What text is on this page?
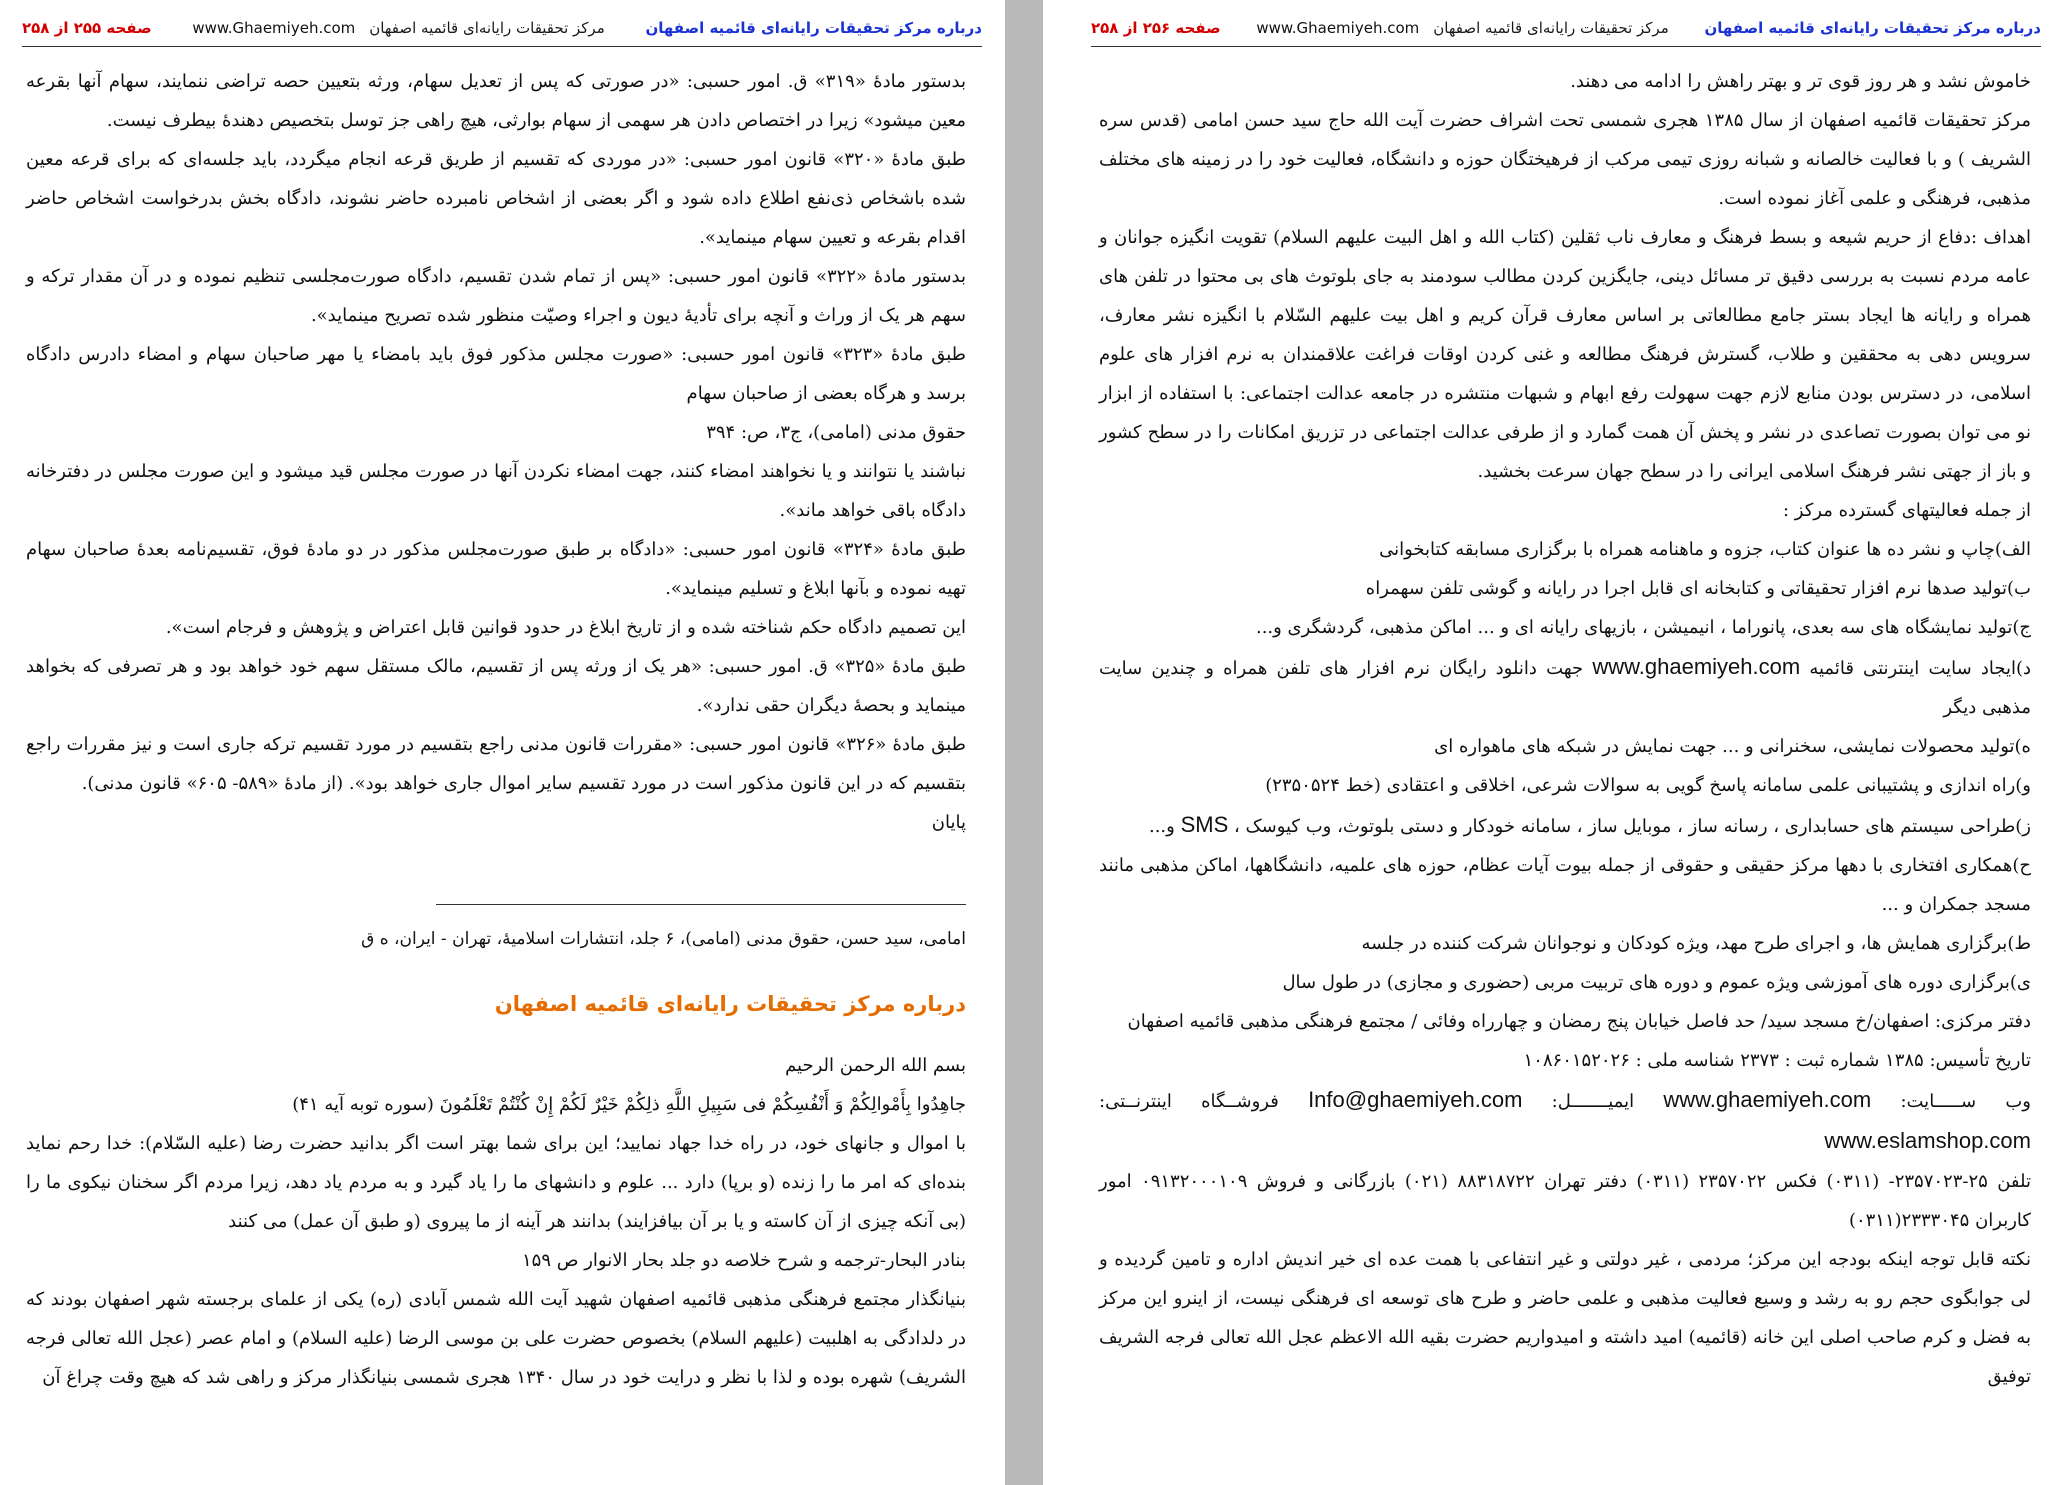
درباره مرکز تحقیقات رایانه‌ای قائمیه اصفهان
مرکز تحقیقات رایانه‌ای قائمیه اصفهان
www.Ghaemiyeh.com
صفحه ۲۵۵ از ۲۵۸

بدستور مادهٔ «۳۱۹» ق. امور حسبی: «در صورتی که پس از تعدیل سهام، ورثه بتعیین حصه تراضی ننمایند، سهام آنها بقرعه معین میشود» زیرا در اختصاص دادن هر سهمی از سهام بوارثی، هیچ راهی جز توسل بتخصیص دهندهٔ بیطرف نیست.

طبق مادهٔ «۳۲۰» قانون امور حسبی: «در موردی که تقسیم از طریق قرعه انجام میگردد، باید جلسه‌ای که برای قرعه معین شده باشخاص ذی‌نفع اطلاع داده شود و اگر بعضی از اشخاص نامبرده حاضر نشوند، دادگاه بخش بدرخواست اشخاص حاضر اقدام بقرعه و تعیین سهام مینماید».

بدستور مادهٔ «۳۲۲» قانون امور حسبی: «پس از تمام شدن تقسیم، دادگاه صورت‌مجلسی تنظیم نموده و در آن مقدار ترکه و سهم هر یک از وراث و آنچه برای تأدیهٔ دیون و اجراء وصیّت منظور شده تصریح مینماید».

طبق مادهٔ «۳۲۳» قانون امور حسبی: «صورت مجلس مذکور فوق باید بامضاء یا مهر صاحبان سهام و امضاء دادرس دادگاه برسد و هرگاه بعضی از صاحبان سهام

حقوق مدنی (امامی)، ج۳، ص: ۳۹۴

نباشند یا نتوانند و یا نخواهند امضاء کنند، جهت امضاء نکردن آنها در صورت مجلس قید میشود و این صورت مجلس در دفترخانه دادگاه باقی خواهد ماند».

طبق مادهٔ «۳۲۴» قانون امور حسبی: «دادگاه بر طبق صورت‌مجلس مذکور در دو مادهٔ فوق، تقسیم‌نامه بعدهٔ صاحبان سهام تهیه نموده و بآنها ابلاغ و تسلیم مینماید».

این تصمیم دادگاه حکم شناخته شده و از تاریخ ابلاغ در حدود قوانین قابل اعتراض و پژوهش و فرجام است».

طبق مادهٔ «۳۲۵» ق. امور حسبی: «هر یک از ورثه پس از تقسیم، مالک مستقل سهم خود خواهد بود و هر تصرفی که بخواهد مینماید و بحصهٔ دیگران حقی ندارد».

طبق مادهٔ «۳۲۶» قانون امور حسبی: «مقررات قانون مدنی راجع بتقسیم در مورد تقسیم ترکه جاری است و نیز مقررات راجع بتقسیم که در این قانون مذکور است در مورد تقسیم سایر اموال جاری خواهد بود». (از مادهٔ «۵۸۹- ۶۰۵» قانون مدنی).

پایان

امامی، سید حسن، حقوق مدنی (امامی)، ۶ جلد، انتشارات اسلامیهٔ، تهران - ایران، ه ق
درباره مرکز تحقیقات رایانه‌ای قائمیه اصفهان

بسم الله الرحمن الرحیم

جاهِدُوا بِأَمْوالِکُمْ وَ أَنْفُسِکُمْ فی سَبِیلِ اللَّهِ ذلِکُمْ خَیْرٌ لَکُمْ إِنْ کُنْتُمْ تَعْلَمُونَ (سوره توبه آیه ۴۱)

با اموال و جانهای خود، در راه خدا جهاد نمایید؛ این برای شما بهتر است اگر بدانید حضرت رضا (علیه السّلام): خدا رحم نماید بنده‌ای که امر ما را زنده (و برپا) دارد ... علوم و دانشهای ما را یاد گیرد و به مردم یاد دهد، زیرا مردم اگر سخنان نیکوی ما را (بی آنکه چیزی از آن کاسته و یا بر آن بیافزایند) بدانند هر آینه از ما پیروی (و طبق آن عمل) می کنند

بنادر البحار-ترجمه و شرح خلاصه دو جلد بحار الانوار ص ۱۵۹

بنیانگذار مجتمع فرهنگی مذهبی قائمیه اصفهان شهید آیت الله شمس آبادی (ره) یکی از علمای برجسته شهر اصفهان بودند که در دلدادگی به اهلبیت (علیهم السلام) بخصوص حضرت علی بن موسی الرضا (علیه السلام) و امام عصر (عجل الله تعالی فرجه الشریف) شهره بوده و لذا با نظر و درایت خود در سال ۱۳۴۰ هجری شمسی بنیانگذار مرکز و راهی شد که هیچ وقت چراغ آن

درباره مرکز تحقیقات رایانه‌ای قائمیه اصفهان
مرکز تحقیقات رایانه‌ای قائمیه اصفهان
www.Ghaemiyeh.com
صفحه ۲۵۶ از ۲۵۸

خاموش نشد و هر روز قوی تر و بهتر راهش را ادامه می دهند.

مرکز تحقیقات قائمیه اصفهان از سال ۱۳۸۵ هجری شمسی تحت اشراف حضرت آیت الله حاج سید حسن امامی (قدس سره الشریف ) و با فعالیت خالصانه و شبانه روزی تیمی مرکب از فرهیختگان حوزه و دانشگاه، فعالیت خود را در زمینه های مختلف مذهبی، فرهنگی و علمی آغاز نموده است.

اهداف :دفاع از حریم شیعه و بسط فرهنگ و معارف ناب ثقلین (کتاب الله و اهل البیت علیهم السلام) تقویت انگیزه جوانان و عامه مردم نسبت به بررسی دقیق تر مسائل دینی، جایگزین کردن مطالب سودمند به جای بلوتوث های بی محتوا در تلفن های همراه و رایانه ها ایجاد بستر جامع مطالعاتی بر اساس معارف قرآن کریم و اهل بیت علیهم السّلام با انگیزه نشر معارف، سرویس دهی به محققین و طلاب، گسترش فرهنگ مطالعه و غنی کردن اوقات فراغت علاقمندان به نرم افزار های علوم اسلامی، در دسترس بودن منابع لازم جهت سهولت رفع ابهام و شبهات منتشره در جامعه عدالت اجتماعی: با استفاده از ابزار نو می توان بصورت تصاعدی در نشر و پخش آن همت گمارد و از طرفی عدالت اجتماعی در تزریق امکانات را در سطح کشور و باز از جهتی نشر فرهنگ اسلامی ایرانی را در سطح جهان سرعت بخشید.

از جمله فعالیتهای گسترده مرکز :

الف)چاپ و نشر ده ها عنوان کتاب، جزوه و ماهنامه همراه با برگزاری مسابقه کتابخوانی

ب)تولید صدها نرم افزار تحقیقاتی و کتابخانه ای قابل اجرا در رایانه و گوشی تلفن سهمراه

ج)تولید نمایشگاه های سه بعدی، پانوراما ، انیمیشن ، بازیهای رایانه ای و ... اماکن مذهبی، گردشگری و...

د)ایجاد سایت اینترنتی قائمیه www.ghaemiyeh.com جهت دانلود رایگان نرم افزار های تلفن همراه و چندین سایت مذهبی دیگر

ه)تولید محصولات نمایشی، سخنرانی و ... جهت نمایش در شبکه های ماهواره ای

و)راه اندازی و پشتیبانی علمی سامانه پاسخ گویی به سوالات شرعی، اخلاقی و اعتقادی (خط ۲۳۵۰۵۲۴)

ز)طراحی سیستم های حسابداری ، رسانه ساز ، موبایل ساز ، سامانه خودکار و دستی بلوتوث، وب کیوسک ، SMS و...

ح)همکاری افتخاری با دهها مرکز حقیقی و حقوقی از جمله بیوت آیات عظام، حوزه های علمیه، دانشگاهها، اماکن مذهبی مانند مسجد جمکران و ...

ط)برگزاری همایش ها، و اجرای طرح مهد، ویژه کودکان و نوجوانان شرکت کننده در جلسه

ی)برگزاری دوره های آموزشی ویژه عموم و دوره های تربیت مربی (حضوری و مجازی) در طول سال

دفتر مرکزی: اصفهان/خ مسجد سید/ حد فاصل خیابان پنج رمضان و چهارراه وفائی / مجتمع فرهنگی مذهبی قائمیه اصفهان

تاریخ تأسیس: ۱۳۸۵ شماره ثبت : ۲۳۷۳ شناسه ملی : ۱۰۸۶۰۱۵۲۰۲۶

وب ســـــایت: www.ghaemiyeh.com ایمیـــــــل: Info@ghaemiyeh.com فروشــگاه اینترنــتی: www.eslamshop.com

تلفن ۲۵-۲۳۵۷۰۲۳- (۰۳۱۱) فکس ۲۳۵۷۰۲۲ (۰۳۱۱) دفتر تهران ۸۸۳۱۸۷۲۲ (۰۲۱) بازرگانی و فروش ۰۹۱۳۲۰۰۰۱۰۹ امور کاربران ۲۳۳۳۰۴۵(۰۳۱۱)

نکته قابل توجه اینکه بودجه این مرکز؛ مردمی ، غیر دولتی و غیر انتفاعی با همت عده ای خیر اندیش اداره و تامین گردیده و لی جوابگوی حجم رو به رشد و وسیع فعالیت مذهبی و علمی حاضر و طرح های توسعه ای فرهنگی نیست، از اینرو این مرکز به فضل و کرم صاحب اصلی این خانه (قائمیه) امید داشته و امیدواریم حضرت بقیه الله الاعظم عجل الله تعالی فرجه الشریف توفیق
